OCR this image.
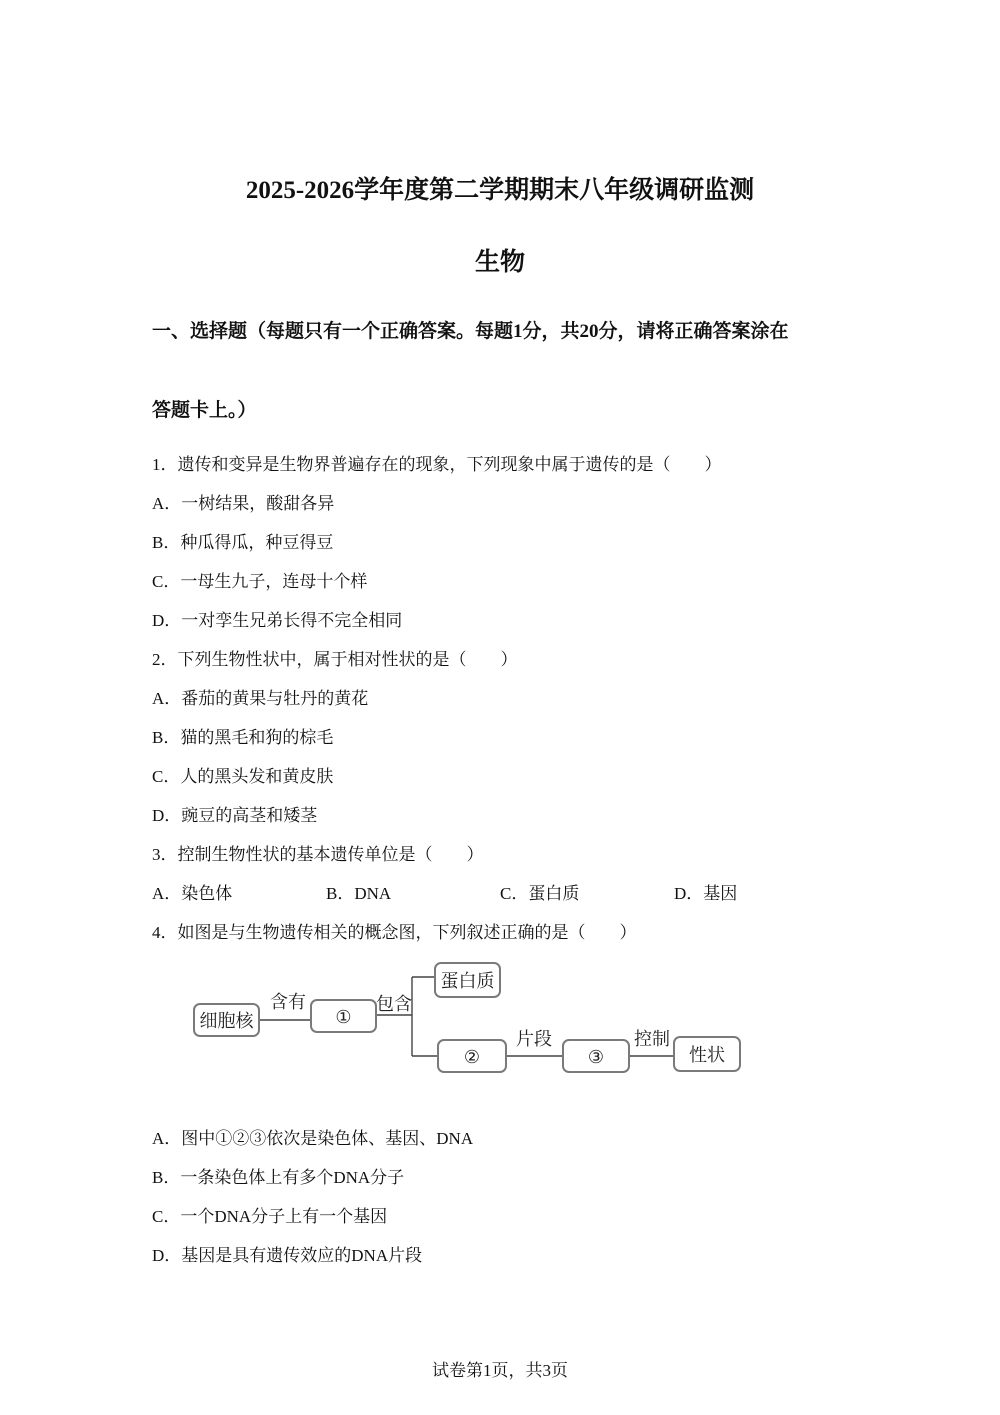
2025-2026学年度第二学期期末八年级调研监测
生物
一、选择题（每题只有一个正确答案。每题1分，共20分，请将正确答案涂在
答题卡上。）
1．遗传和变异是生物界普遍存在的现象，下列现象中属于遗传的是（　　）
A．一树结果，酸甜各异
B．种瓜得瓜，种豆得豆
C．一母生九子，连母十个样
D．一对孪生兄弟长得不完全相同
2．下列生物性状中，属于相对性状的是（　　）
A．番茄的黄果与牡丹的黄花
B．猫的黑毛和狗的棕毛
C．人的黑头发和黄皮肤
D．豌豆的高茎和矮茎
3．控制生物性状的基本遗传单位是（　　）
A．染色体	B．DNA	C．蛋白质	D．基因
4．如图是与生物遗传相关的概念图，下列叙述正确的是（　　）
细胞核
含有
①
包含
蛋白质
②
片段
③
控制
性状
A．图中①②③依次是染色体、基因、DNA
B．一条染色体上有多个DNA分子
C．一个DNA分子上有一个基因
D．基因是具有遗传效应的DNA片段
试卷第1页，共3页
